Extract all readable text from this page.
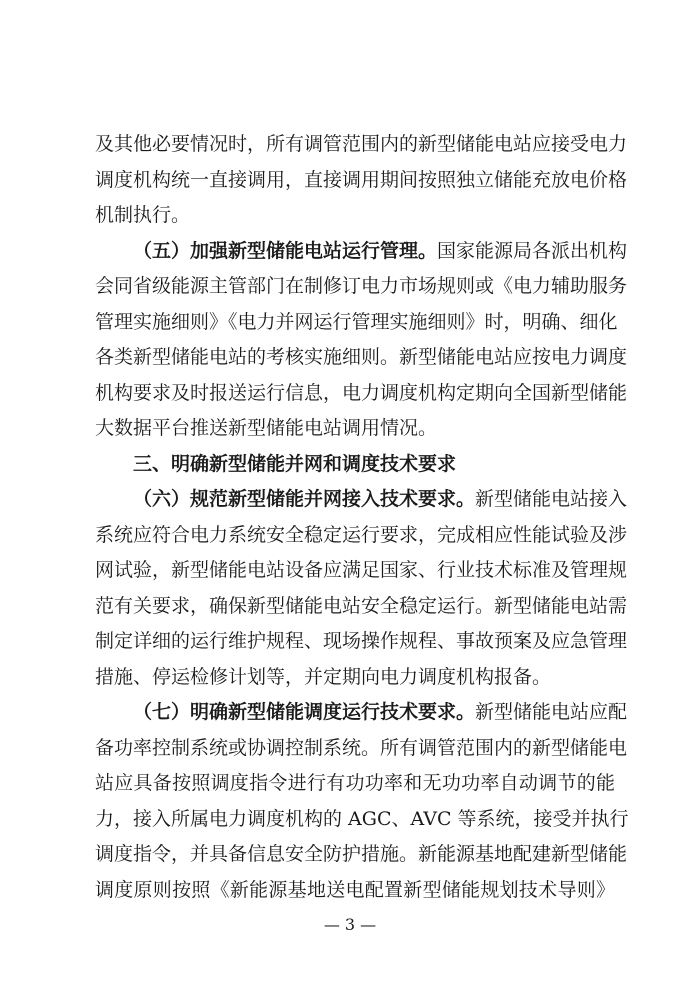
及其他必要情况时，所有调管范围内的新型储能电站应接受电力
调度机构统一直接调用，直接调用期间按照独立储能充放电价格
机制执行。
（五）加强新型储能电站运行管理。国家能源局各派出机构
会同省级能源主管部门在制修订电力市场规则或《电力辅助服务
管理实施细则》《电力并网运行管理实施细则》时，明确、细化
各类新型储能电站的考核实施细则。新型储能电站应按电力调度
机构要求及时报送运行信息，电力调度机构定期向全国新型储能
大数据平台推送新型储能电站调用情况。
三、明确新型储能并网和调度技术要求
（六）规范新型储能并网接入技术要求。新型储能电站接入
系统应符合电力系统安全稳定运行要求，完成相应性能试验及涉
网试验，新型储能电站设备应满足国家、行业技术标准及管理规
范有关要求，确保新型储能电站安全稳定运行。新型储能电站需
制定详细的运行维护规程、现场操作规程、事故预案及应急管理
措施、停运检修计划等，并定期向电力调度机构报备。
（七）明确新型储能调度运行技术要求。新型储能电站应配
备功率控制系统或协调控制系统。所有调管范围内的新型储能电
站应具备按照调度指令进行有功功率和无功功率自动调节的能
力，接入所属电力调度机构的 AGC、AVC 等系统，接受并执行
调度指令，并具备信息安全防护措施。新能源基地配建新型储能
— 3 —
调度原则按照《新能源基地送电配置新型储能规划技术导则》
